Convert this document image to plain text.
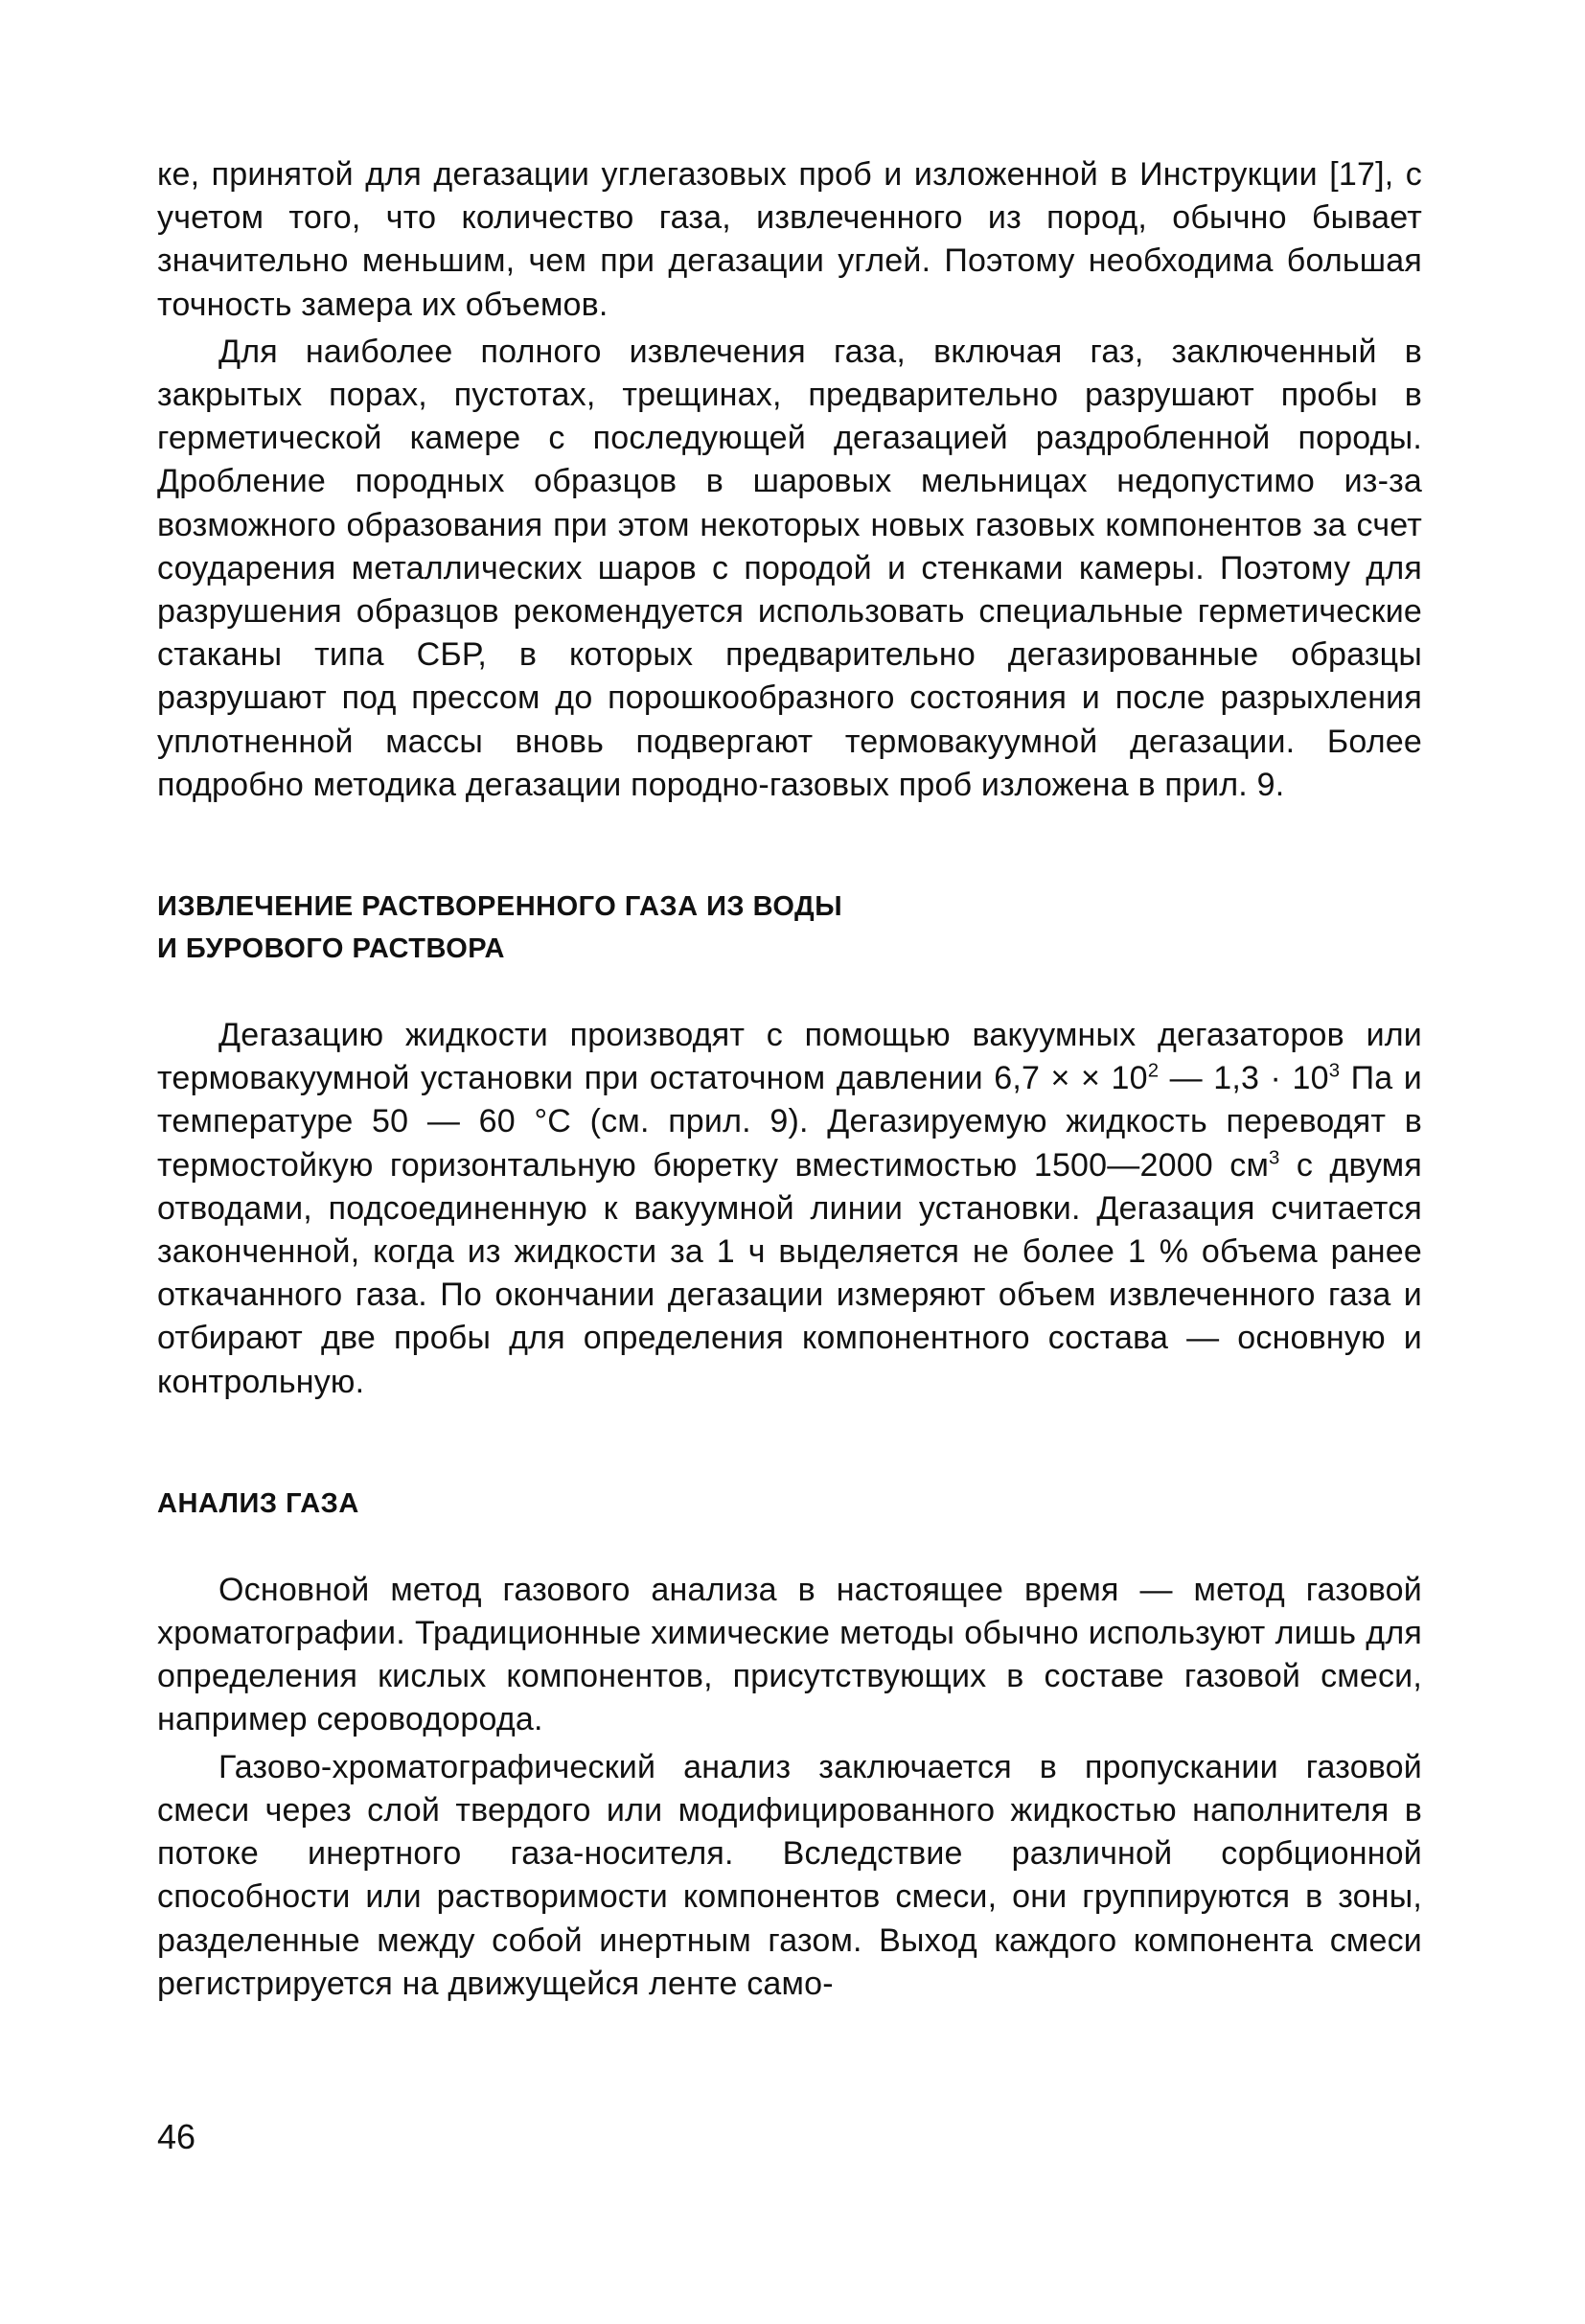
ке, принятой для дегазации углегазовых проб и изложенной в Инструкции [17], с учетом того, что количество газа, извлеченного из пород, обычно бывает значительно меньшим, чем при дегазации углей. Поэтому необходима большая точность замера их объемов.

Для наиболее полного извлечения газа, включая газ, заключенный в закрытых порах, пустотах, трещинах, предварительно разрушают пробы в герметической камере с последующей дегазацией раздробленной породы. Дробление породных образцов в шаровых мельницах недопустимо из-за возможного образования при этом некоторых новых газовых компонентов за счет соударения металлических шаров с породой и стенками камеры. Поэтому для разрушения образцов рекомендуется использовать специальные герметические стаканы типа СБР, в которых предварительно дегазированные образцы разрушают под прессом до порошкообразного состояния и после разрыхления уплотненной массы вновь подвергают термовакуумной дегазации. Более подробно методика дегазации породно-газовых проб изложена в прил. 9.

ИЗВЛЕЧЕНИЕ РАСТВОРЕННОГО ГАЗА ИЗ ВОДЫ
И БУРОВОГО РАСТВОРА

Дегазацию жидкости производят с помощью вакуумных дегазаторов или термовакуумной установки при остаточном давлении 6,7 × × $10^2$ — $1,3 \cdot 10^3$ Па и температуре 50 — 60 °С (см. прил. 9). Дегазируемую жидкость переводят в термостойкую горизонтальную бюретку вместимостью 1500—2000 $см^3$ с двумя отводами, подсоединенную к вакуумной линии установки. Дегазация считается законченной, когда из жидкости за 1 ч выделяется не более 1 % объема ранее откачанного газа. По окончании дегазации измеряют объем извлеченного газа и отбирают две пробы для определения компонентного состава — основную и контрольную.

АНАЛИЗ ГАЗА

Основной метод газового анализа в настоящее время — метод газовой хроматографии. Традиционные химические методы обычно используют лишь для определения кислых компонентов, присутствующих в составе газовой смеси, например сероводорода.

Газово-хроматографический анализ заключается в пропускании газовой смеси через слой твердого или модифицированного жидкостью наполнителя в потоке инертного газа-носителя. Вследствие различной сорбционной способности или растворимости компонентов смеси, они группируются в зоны, разделенные между собой инертным газом. Выход каждого компонента смеси регистрируется на движущейся ленте само-

46
